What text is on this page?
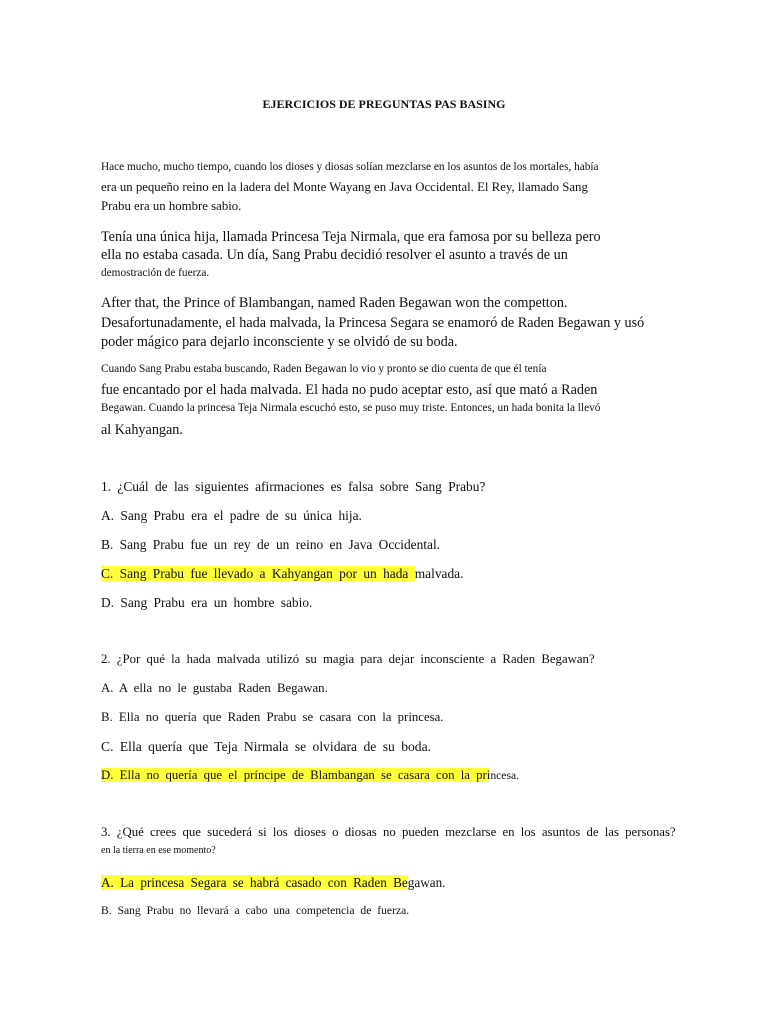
EJERCICIOS DE PREGUNTAS PAS BASING
Hace mucho, mucho tiempo, cuando los dioses y diosas solían mezclarse en los asuntos de los mortales, había
era un pequeño reino en la ladera del Monte Wayang en Java Occidental. El Rey, llamado Sang
Prabu era un hombre sabio.
Tenía una única hija, llamada Princesa Teja Nirmala, que era famosa por su belleza pero
ella no estaba casada. Un día, Sang Prabu decidió resolver el asunto a través de un
demostración de fuerza.
After that, the Prince of Blambangan, named Raden Begawan won the competton.
Desafortunadamente, el hada malvada, la Princesa Segara se enamoró de Raden Begawan y usó
poder mágico para dejarlo inconsciente y se olvidó de su boda.
Cuando Sang Prabu estaba buscando, Raden Begawan lo vio y pronto se dio cuenta de que él tenía
fue encantado por el hada malvada. El hada no pudo aceptar esto, así que mató a Raden
Begawan. Cuando la princesa Teja Nirmala escuchó esto, se puso muy triste. Entonces, un hada bonita la llevó
al Kahyangan.
1. ¿Cuál de las siguientes afirmaciones es falsa sobre Sang Prabu?
A. Sang Prabu era el padre de su única hija.
B. Sang Prabu fue un rey de un reino en Java Occidental.
C. Sang Prabu fue llevado a Kahyangan por un hada malvada.
D. Sang Prabu era un hombre sabio.
2. ¿Por qué la hada malvada utilizó su magia para dejar inconsciente a Raden Begawan?
A. A ella no le gustaba Raden Begawan.
B. Ella no quería que Raden Prabu se casara con la princesa.
C. Ella quería que Teja Nirmala se olvidara de su boda.
D. Ella no quería que el príncipe de Blambangan se casara con la princesa.
3. ¿Qué crees que sucederá si los dioses o diosas no pueden mezclarse en los asuntos de las personas?
en la tierra en ese momento?
A. La princesa Segara se habrá casado con Raden Begawan.
B. Sang Prabu no llevará a cabo una competencia de fuerza.
